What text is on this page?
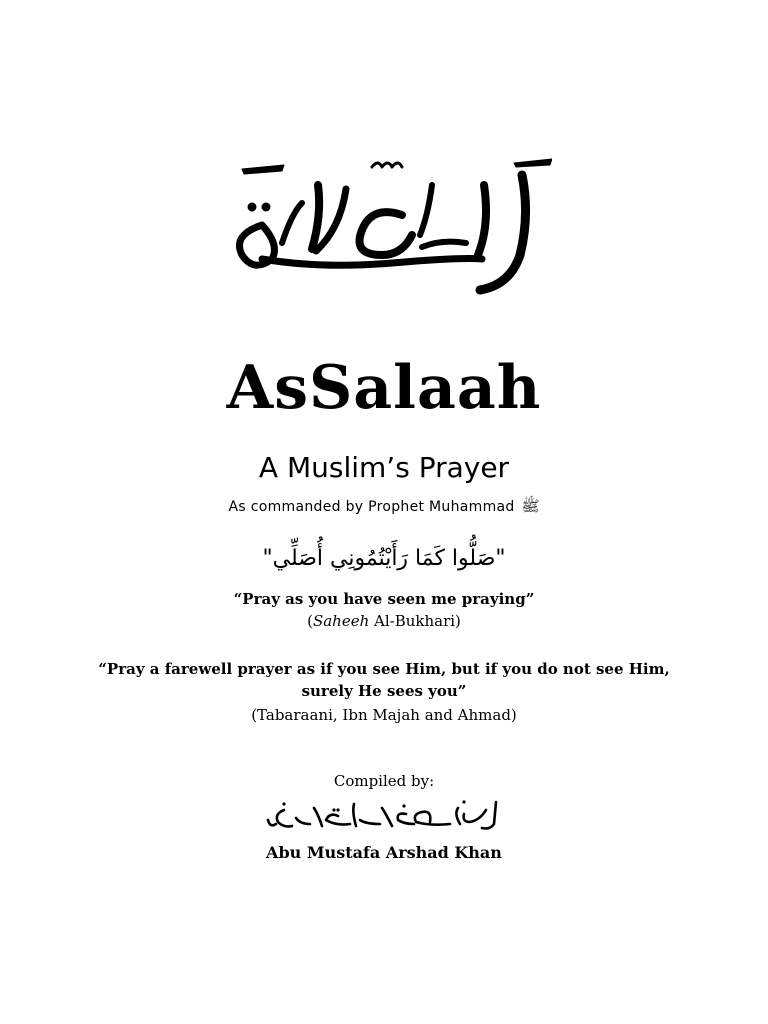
AsSalaah
A Muslim’s Prayer
As commanded by Prophet Muhammad ﷺ
"صَلُّوا كَمَا رَأَيْتُمُونِي أُصَلِّي"
“Pray as you have seen me praying”
(Saheeh Al-Bukhari)
“Pray a farewell prayer as if you see Him, but if you do not see Him,
surely He sees you”
(Tabaraani, Ibn Majah and Ahmad)
Compiled by:
Abu Mustafa Arshad Khan
